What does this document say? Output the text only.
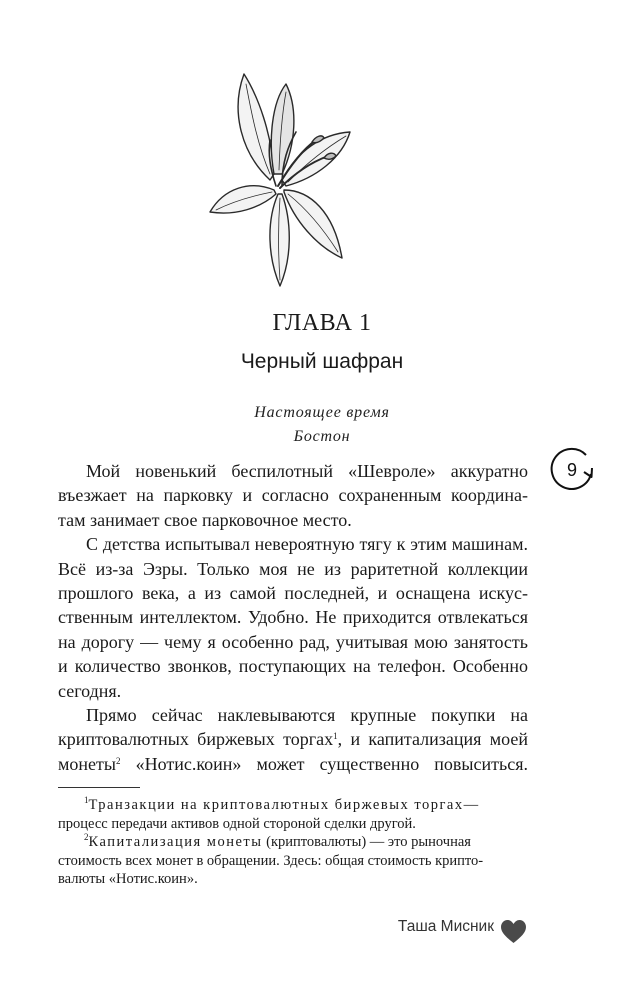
ГЛАВА 1
Черный шафран
Настоящее время
Бостон
Мой новенький беспилотный «Шевроле» аккуратно
въезжает на парковку и согласно сохраненным координа-
там занимает свое парковочное место.
С детства испытывал невероятную тягу к этим машинам.
Всё из-за Эзры. Только моя не из раритетной коллекции
прошлого века, а из самой последней, и оснащена искус-
ственным интеллектом. Удобно. Не приходится отвлекаться
на дорогу — чему я особенно рад, учитывая мою занятость
и количество звонков, поступающих на телефон. Особенно
сегодня.
Прямо сейчас наклевываются крупные покупки на
криптовалютных биржевых торгах$^1$, и капитализация моей
монеты$^2$ «Нотис.коин» может существенно повыситься.
$^1$Транзакции на криптовалютных биржевых торгах—
процесс передачи активов одной стороной сделки другой.
$^2$Капитализация монеты (криптовалюты) — это рыночная
стоимость всех монет в обращении. Здесь: общая стоимость крипто-
валюты «Нотис.коин».
9
Таша Мисник
